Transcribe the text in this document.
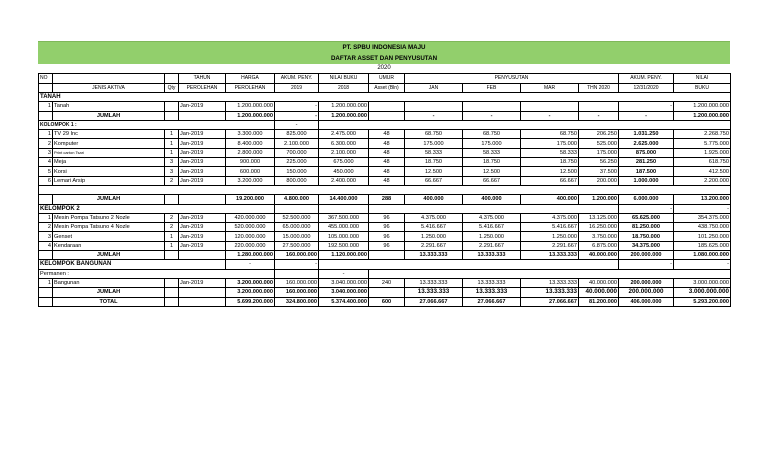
PT. SPBU INDONESIA MAJU
DAFTAR ASSET DAN PENYUSUTAN
2020
NO			TAHUN	HARGA	AKUM. PENY.	NILAI BUKU	UMUR	PENYUSUTAN				AKUM. PENY.	NILAI
	JENIS AKTIVA	Qty	PEROLEHAN	PEROLEHAN	2019	2018	Asset (Bln)	JAN	FEB	MAR	THN 2020	12/31/2020	BUKU
TANAH													
1	Tanah		Jan-2019	1.200.000.000	-	1.200.000.000						-	1.200.000.000
	JUMLAH			1.200.000.000	-	1.200.000.000		-	-	-	-	-	1.200.000.000
KOLOMPOK 1 :					-								
1	TV 29 Inc	1	Jan-2019	3.300.000	825.000	2.475.000	48	68.750	68.750	68.750	206.250	1.031.250	2.268.750
2	Komputer	1	Jan-2019	8.400.000	2.100.000	6.300.000	48	175.000	175.000	175.000	525.000	2.625.000	5.775.000
3	Print carton Tsari	1	Jan-2019	2.800.000	700.000	2.100.000	48	58.333	58.333	58.333	175.000	875.000	1.925.000
4	Meja	3	Jan-2019	900.000	225.000	675.000	48	18.750	18.750	18.750	56.250	281.250	618.750
5	Korsi	3	Jan-2019	600.000	150.000	450.000	48	12.500	12.500	12.500	37.500	187.500	412.500
6	Lemari Arsip	2	Jan-2019	3.200.000	800.000	2.400.000	48	66.667	66.667	66.667	200.000	1.000.000	2.200.000

	JUMLAH			19.200.000	4.800.000	14.400.000	288	400.000	400.000	400.000	1.200.000	6.000.000	13.200.000
KELOMPOK 2												-	-
1	Mesin Pompa Tatsuno 2 Nozle	2	Jan-2019	420.000.000	52.500.000	367.500.000	96	4.375.000	4.375.000	4.375.000	13.125.000	65.625.000	354.375.000
2	Mesin Pompa Tatsuno 4 Nozle	2	Jan-2019	520.000.000	65.000.000	455.000.000	96	5.416.667	5.416.667	5.416.667	16.250.000	81.250.000	438.750.000
3	Genset	1	Jan-2019	120.000.000	15.000.000	105.000.000	96	1.250.000	1.250.000	1.250.000	3.750.000	18.750.000	101.250.000
4	Kendaraan	1	Jan-2019	220.000.000	27.500.000	192.500.000	96	2.291.667	2.291.667	2.291.667	6.875.000	34.375.000	185.625.000
	JUMLAH			1.280.000.000	160.000.000	1.120.000.000		13.333.333	13.333.333	13.333.333	40.000.000	200.000.000	1.080.000.000
KELOMPOK BANGUNAN				-	-							-	-
Permanen :						-							
1	Bangunan		Jan-2019	3.200.000.000	160.000.000	3.040.000.000	240	13.333.333	13.333.333	13.333.333	40.000.000	200.000.000	3.000.000.000
	JUMLAH			3.200.000.000	160.000.000	3.040.000.000		13.333.333	13.333.333	13.333.333	40.000.000	200.000.000	3.000.000.000
	TOTAL			5.699.200.000	324.800.000	5.374.400.000	600	27.066.667	27.066.667	27.066.667	81.200.000	406.000.000	5.293.200.000
